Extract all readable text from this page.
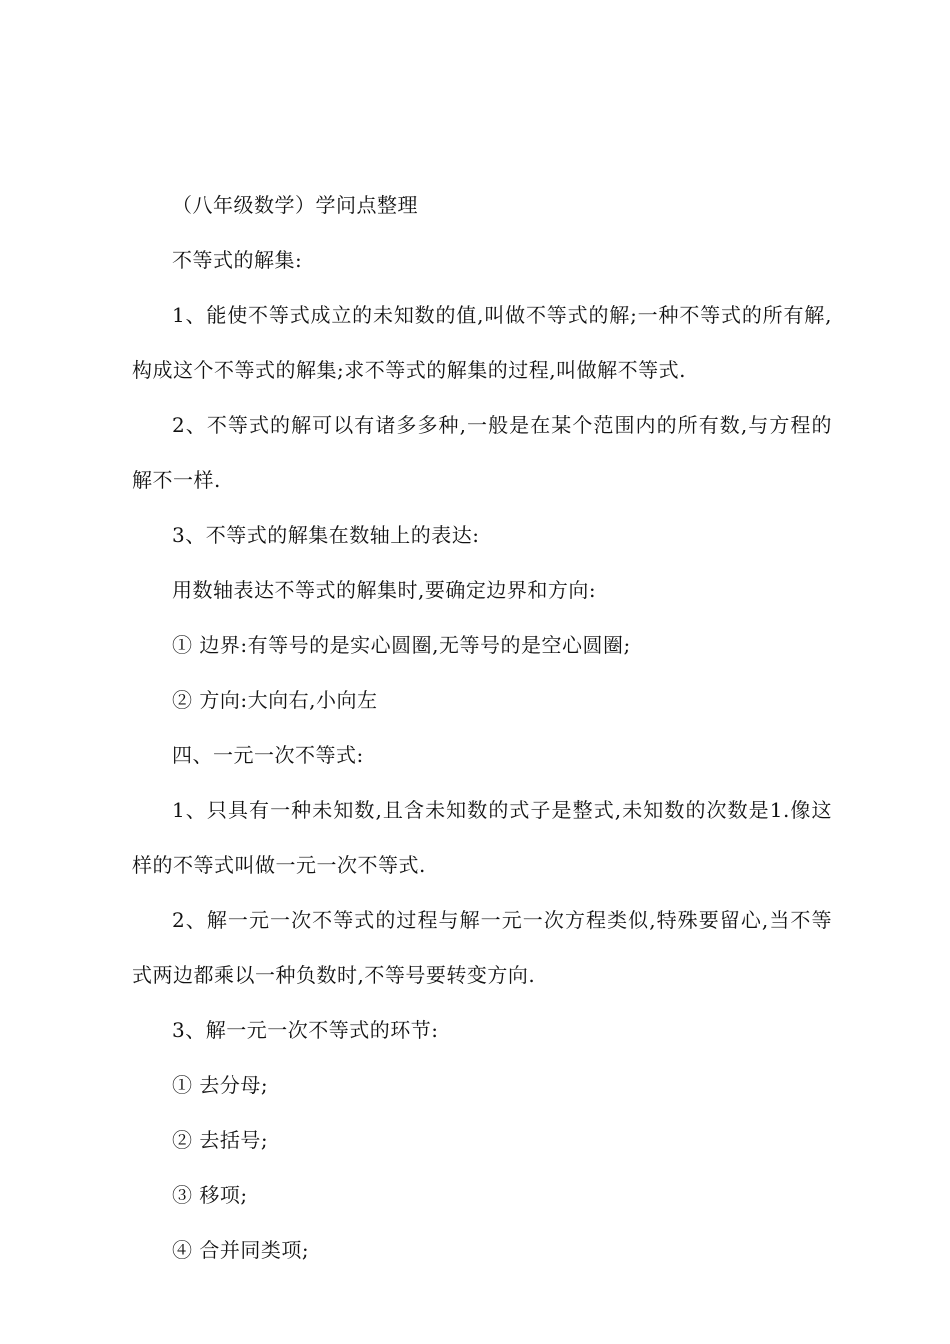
（八年级数学）学问点整理

不等式的解集:

1、能使不等式成立的未知数的值,叫做不等式的解;一种不等式的所有解,构成这个不等式的解集;求不等式的解集的过程,叫做解不等式.

2、不等式的解可以有诸多多种,一般是在某个范围内的所有数,与方程的解不一样.

3、不等式的解集在数轴上的表达:

用数轴表达不等式的解集时,要确定边界和方向:

① 边界:有等号的是实心圆圈,无等号的是空心圆圈;

② 方向:大向右,小向左

四、一元一次不等式:

1、只具有一种未知数,且含未知数的式子是整式,未知数的次数是1.像这样的不等式叫做一元一次不等式.

2、解一元一次不等式的过程与解一元一次方程类似,特殊要留心,当不等式两边都乘以一种负数时,不等号要转变方向.

3、解一元一次不等式的环节:

① 去分母;

② 去括号;

③ 移项;

④ 合并同类项;
